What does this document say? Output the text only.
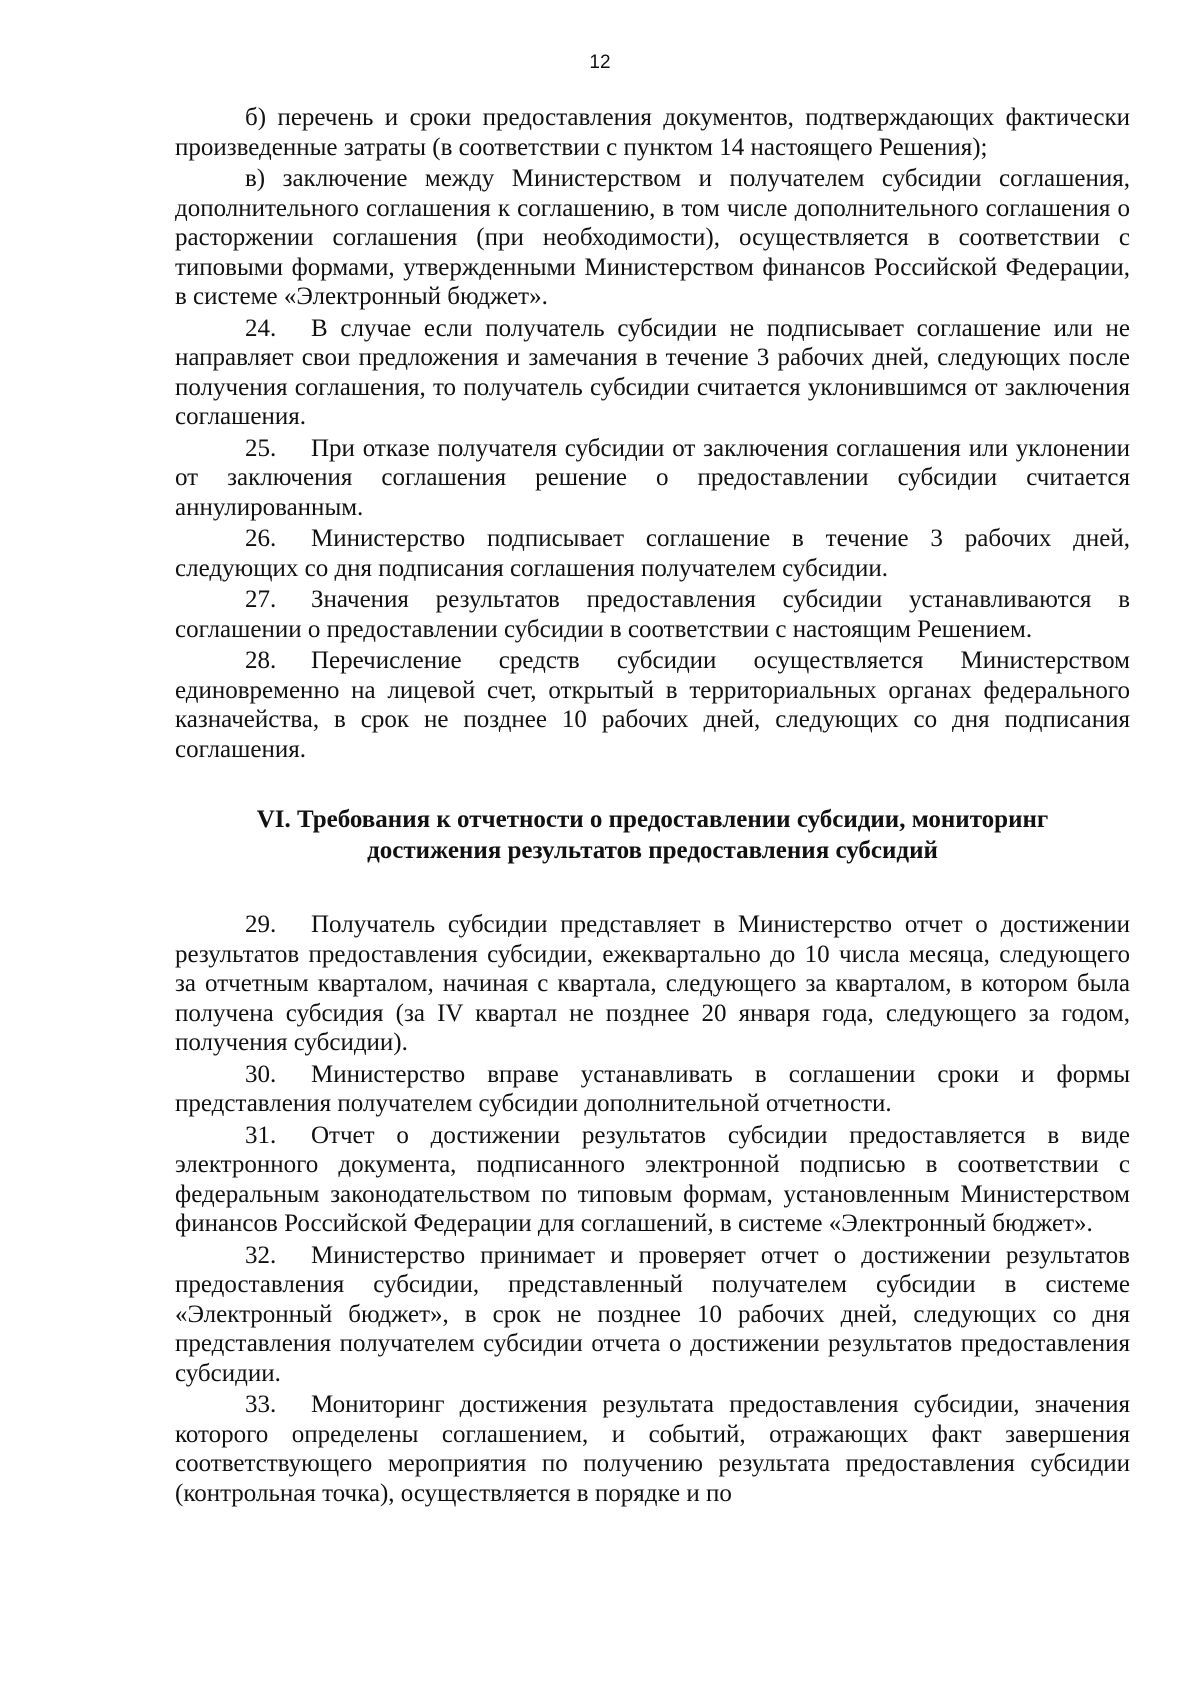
12

б) перечень и сроки предоставления документов, подтверждающих фактически произведенные затраты (в соответствии с пунктом 14 настоящего Решения);

в) заключение между Министерством и получателем субсидии соглашения, дополнительного соглашения к соглашению, в том числе дополнительного соглашения о расторжении соглашения (при необходимости), осуществляется в соответствии с типовыми формами, утвержденными Министерством финансов Российской Федерации, в системе «Электронный бюджет».

24. В случае если получатель субсидии не подписывает соглашение или не направляет свои предложения и замечания в течение 3 рабочих дней, следующих после получения соглашения, то получатель субсидии считается уклонившимся от заключения соглашения.

25. При отказе получателя субсидии от заключения соглашения или уклонении от заключения соглашения решение о предоставлении субсидии считается аннулированным.

26. Министерство подписывает соглашение в течение 3 рабочих дней, следующих со дня подписания соглашения получателем субсидии.

27. Значения результатов предоставления субсидии устанавливаются в соглашении о предоставлении субсидии в соответствии с настоящим Решением.

28. Перечисление средств субсидии осуществляется Министерством единовременно на лицевой счет, открытый в территориальных органах федерального казначейства, в срок не позднее 10 рабочих дней, следующих со дня подписания соглашения.

VI. Требования к отчетности о предоставлении субсидии, мониторинг
достижения результатов предоставления субсидий

29. Получатель субсидии представляет в Министерство отчет о достижении результатов предоставления субсидии, ежеквартально до 10 числа месяца, следующего за отчетным кварталом, начиная с квартала, следующего за кварталом, в котором была получена субсидия (за IV квартал не позднее 20 января года, следующего за годом, получения субсидии).

30. Министерство вправе устанавливать в соглашении сроки и формы представления получателем субсидии дополнительной отчетности.

31. Отчет о достижении результатов субсидии предоставляется в виде электронного документа, подписанного электронной подписью в соответствии с федеральным законодательством по типовым формам, установленным Министерством финансов Российской Федерации для соглашений, в системе «Электронный бюджет».

32. Министерство принимает и проверяет отчет о достижении результатов предоставления субсидии, представленный получателем субсидии в системе «Электронный бюджет», в срок не позднее 10 рабочих дней, следующих со дня представления получателем субсидии отчета о достижении результатов предоставления субсидии.

33. Мониторинг достижения результата предоставления субсидии, значения которого определены соглашением, и событий, отражающих факт завершения соответствующего мероприятия по получению результата предоставления субсидии (контрольная точка), осуществляется в порядке и по
